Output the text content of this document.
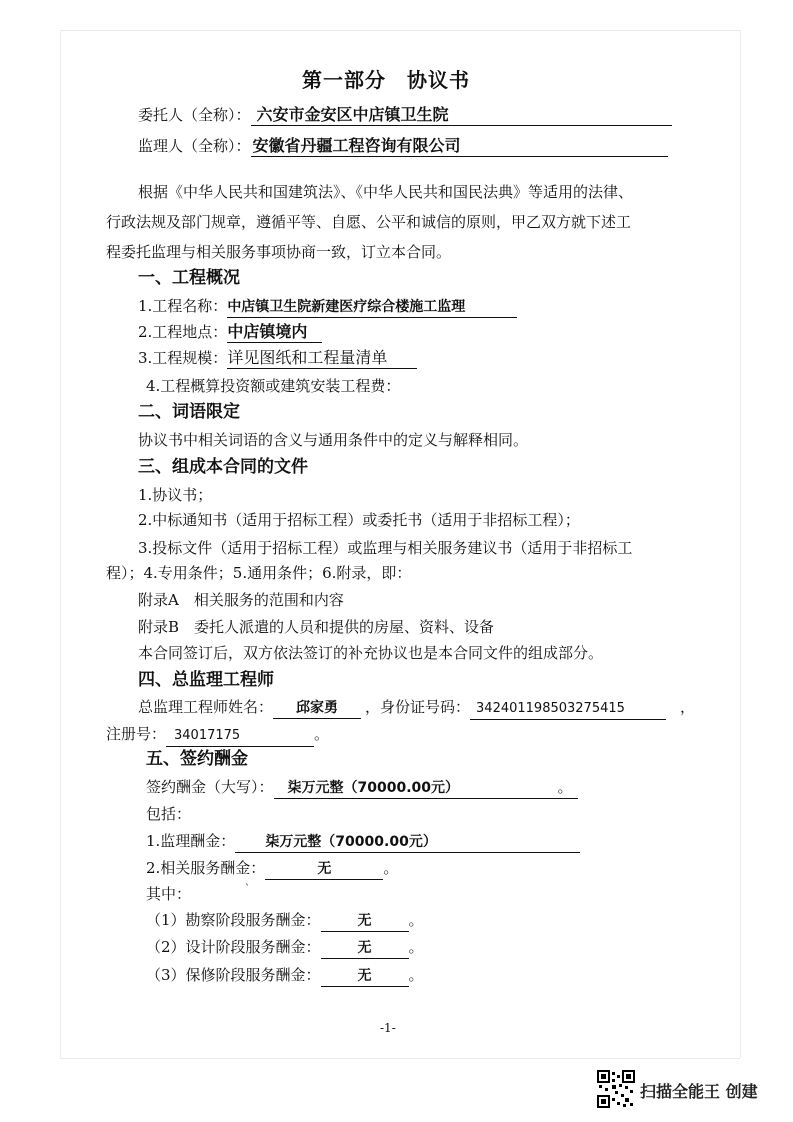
第一部分　协议书
委托人（全称）： 六安市金安区中店镇卫生院
监理人（全称）： 安徽省丹疆工程咨询有限公司
根据《中华人民共和国建筑法》、《中华人民共和国民法典》等适用的法律、
行政法规及部门规章，遵循平等、自愿、公平和诚信的原则，甲乙双方就下述工
程委托监理与相关服务事项协商一致，订立本合同。
一、工程概况
1.工程名称：中店镇卫生院新建医疗综合楼施工监理
2.工程地点：中店镇境内
3.工程规模：详见图纸和工程量清单
4.工程概算投资额或建筑安装工程费：
二、词语限定
协议书中相关词语的含义与通用条件中的定义与解释相同。
三、组成本合同的文件
1.协议书；
2.中标通知书（适用于招标工程）或委托书（适用于非招标工程）；
3.投标文件（适用于招标工程）或监理与相关服务建议书（适用于非招标工
程）；4.专用条件；5.通用条件；6.附录，即：
附录A　相关服务的范围和内容
附录B　委托人派遣的人员和提供的房屋、资料、设备
本合同签订后，双方依法签订的补充协议也是本合同文件的组成部分。
四、总监理工程师
总监理工程师姓名： 邱家勇 ，身份证号码： 342401198503275415	，
注册号： 34017175	。
五、签约酬金
签约酬金（大写）： 柒万元整（70000.00元）	。
包括：
1.监理酬金： 柒万元整（70000.00元）
2.相关服务酬金：	无	。
其中：	ˋ
（1）勘察阶段服务酬金：	无 。
（2）设计阶段服务酬金：	无 。
（3）保修阶段服务酬金：	无 。
-1-
扫描全能王 创建
